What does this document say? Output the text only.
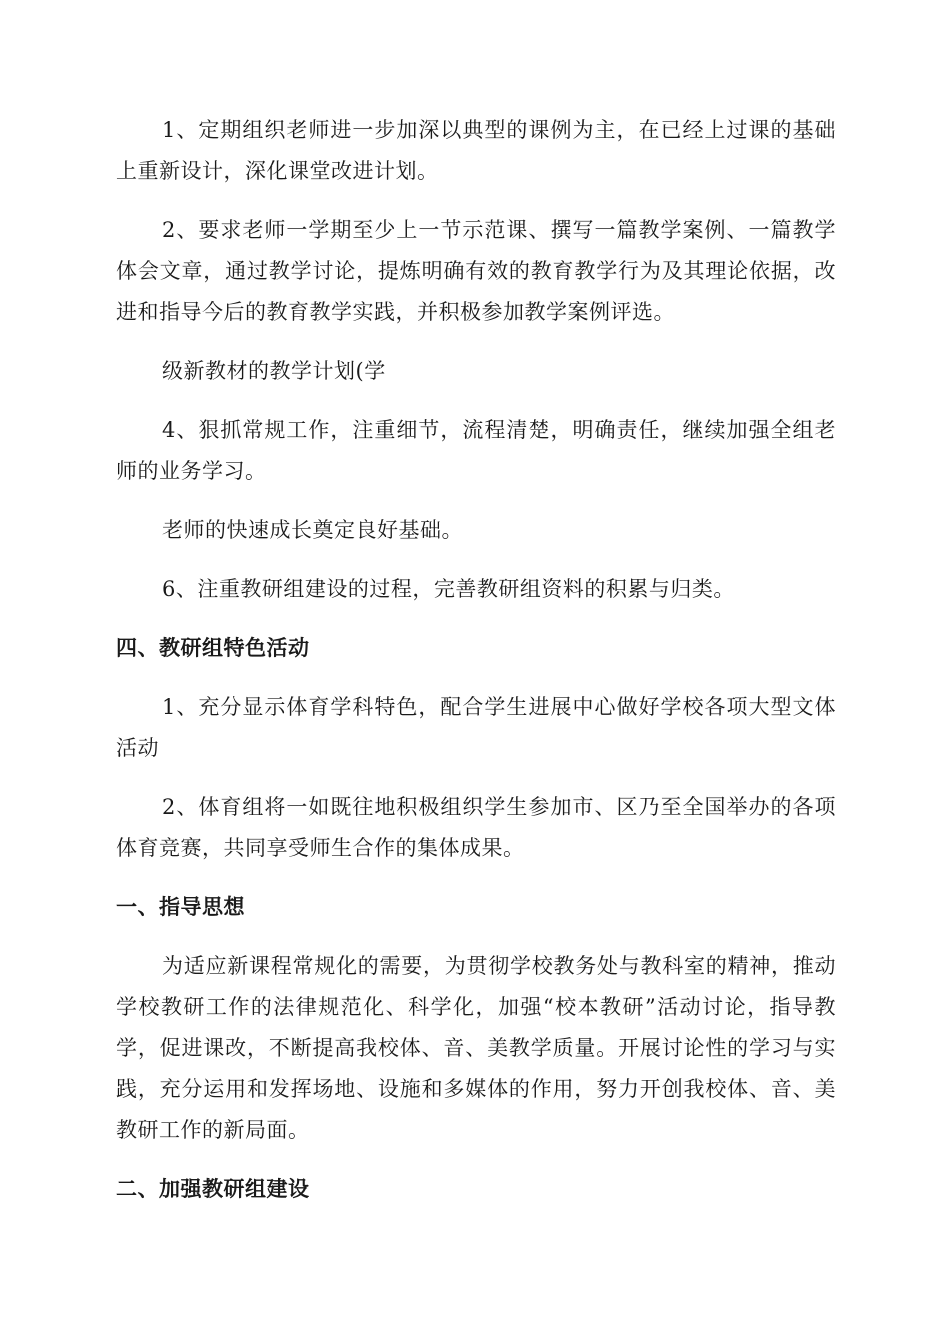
1、定期组织老师进一步加深以典型的课例为主，在已经上过课的基础上重新设计，深化课堂改进计划。

2、要求老师一学期至少上一节示范课、撰写一篇教学案例、一篇教学体会文章，通过教学讨论，提炼明确有效的教育教学行为及其理论依据，改进和指导今后的教育教学实践，并积极参加教学案例评选。

级新教材的教学计划(学

4、狠抓常规工作，注重细节，流程清楚，明确责任，继续加强全组老师的业务学习。

老师的快速成长奠定良好基础。

6、注重教研组建设的过程，完善教研组资料的积累与归类。

四、教研组特色活动

1、充分显示体育学科特色，配合学生进展中心做好学校各项大型文体活动

2、体育组将一如既往地积极组织学生参加市、区乃至全国举办的各项体育竞赛，共同享受师生合作的集体成果。

一、指导思想

为适应新课程常规化的需要，为贯彻学校教务处与教科室的精神，推动学校教研工作的法律规范化、科学化，加强“校本教研”活动讨论，指导教学，促进课改，不断提高我校体、音、美教学质量。开展讨论性的学习与实践，充分运用和发挥场地、设施和多媒体的作用，努力开创我校体、音、美教研工作的新局面。

二、加强教研组建设
